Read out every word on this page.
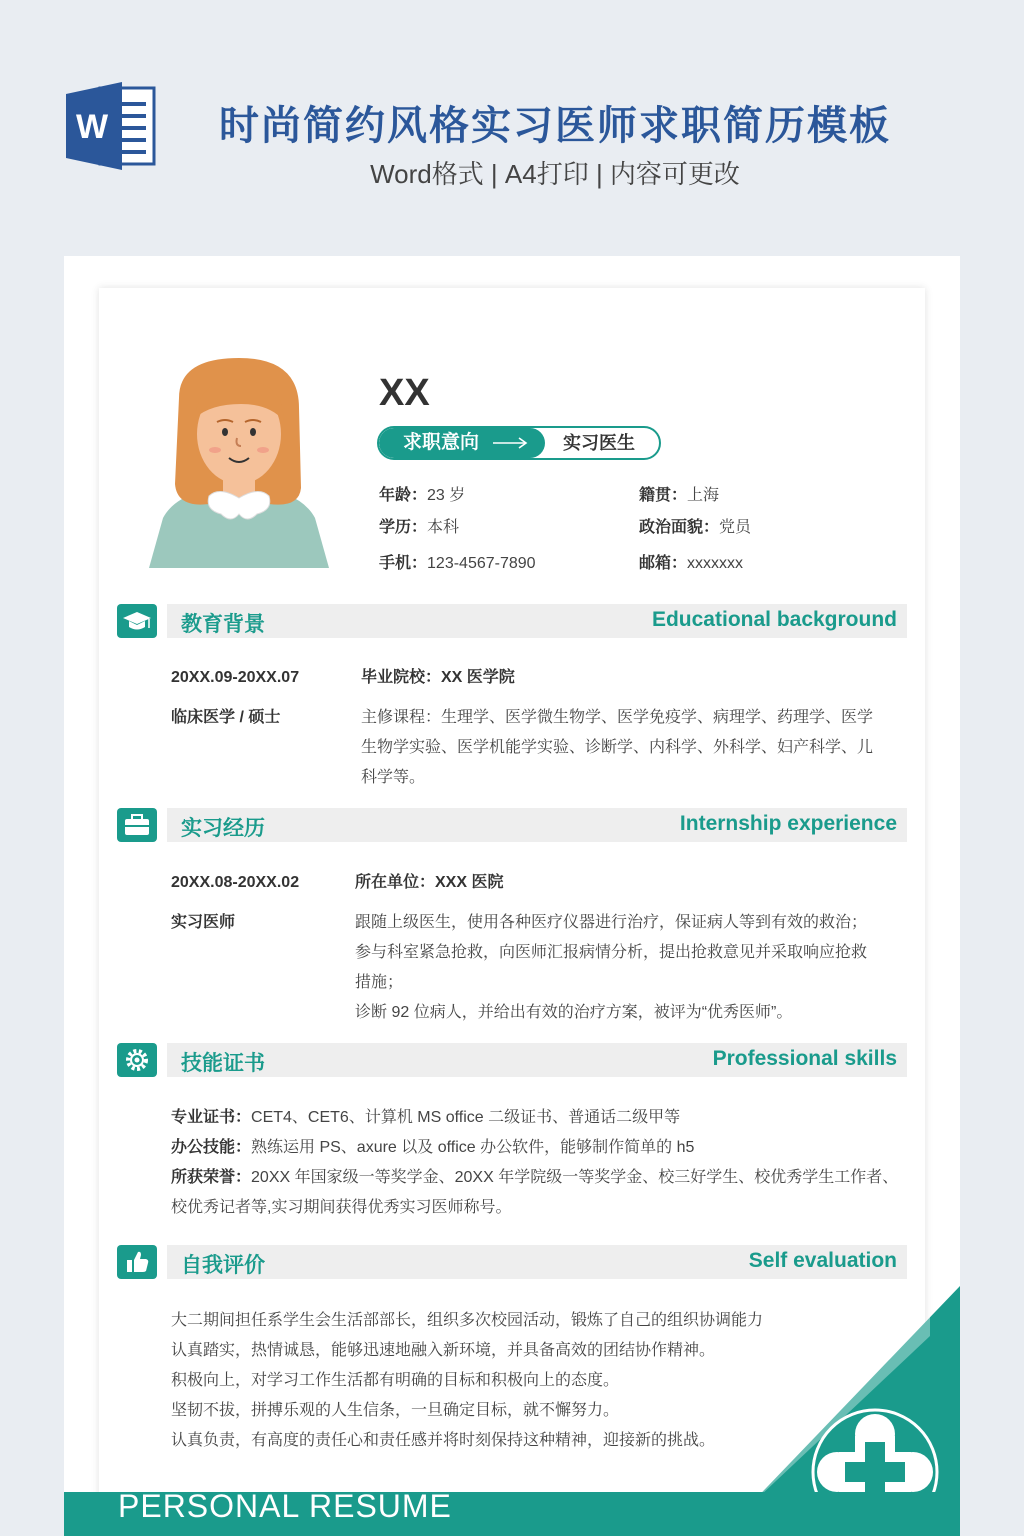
W	时尚简约风格实习医师求职简历模板
Word格式 | A4打印 | 内容可更改
XX
求职意向	实习医生
年龄：23 岁	籍贯：上海
学历：本科	政治面貌：党员
手机：123-4567-7890	邮箱：xxxxxxx
教育背景	Educational background
20XX.09-20XX.07	毕业院校：XX 医学院
临床医学 / 硕士	主修课程：生理学、医学微生物学、医学免疫学、病理学、药理学、医学
生物学实验、医学机能学实验、诊断学、内科学、外科学、妇产科学、儿
科学等。
实习经历	Internship experience
20XX.08-20XX.02	所在单位：XXX 医院
实习医师	跟随上级医生，使用各种医疗仪器进行治疗，保证病人等到有效的救治；
参与科室紧急抢救，向医师汇报病情分析，提出抢救意见并采取响应抢救
措施；
诊断 92 位病人，并给出有效的治疗方案，被评为“优秀医师”。
技能证书	Professional skills
专业证书：CET4、CET6、计算机 MS office 二级证书、普通话二级甲等
办公技能：熟练运用 PS、axure 以及 office 办公软件，能够制作简单的 h5
所获荣誉：20XX 年国家级一等奖学金、20XX 年学院级一等奖学金、校三好学生、校优秀学生工作者、
校优秀记者等,实习期间获得优秀实习医师称号。
自我评价	Self evaluation
大二期间担任系学生会生活部部长，组织多次校园活动，锻炼了自己的组织协调能力
认真踏实，热情诚恳，能够迅速地融入新环境，并具备高效的团结协作精神。
积极向上，对学习工作生活都有明确的目标和积极向上的态度。
坚韧不拔，拼搏乐观的人生信条，一旦确定目标，就不懈努力。
认真负责，有高度的责任心和责任感并将时刻保持这种精神，迎接新的挑战。
PERSONAL RESUME
